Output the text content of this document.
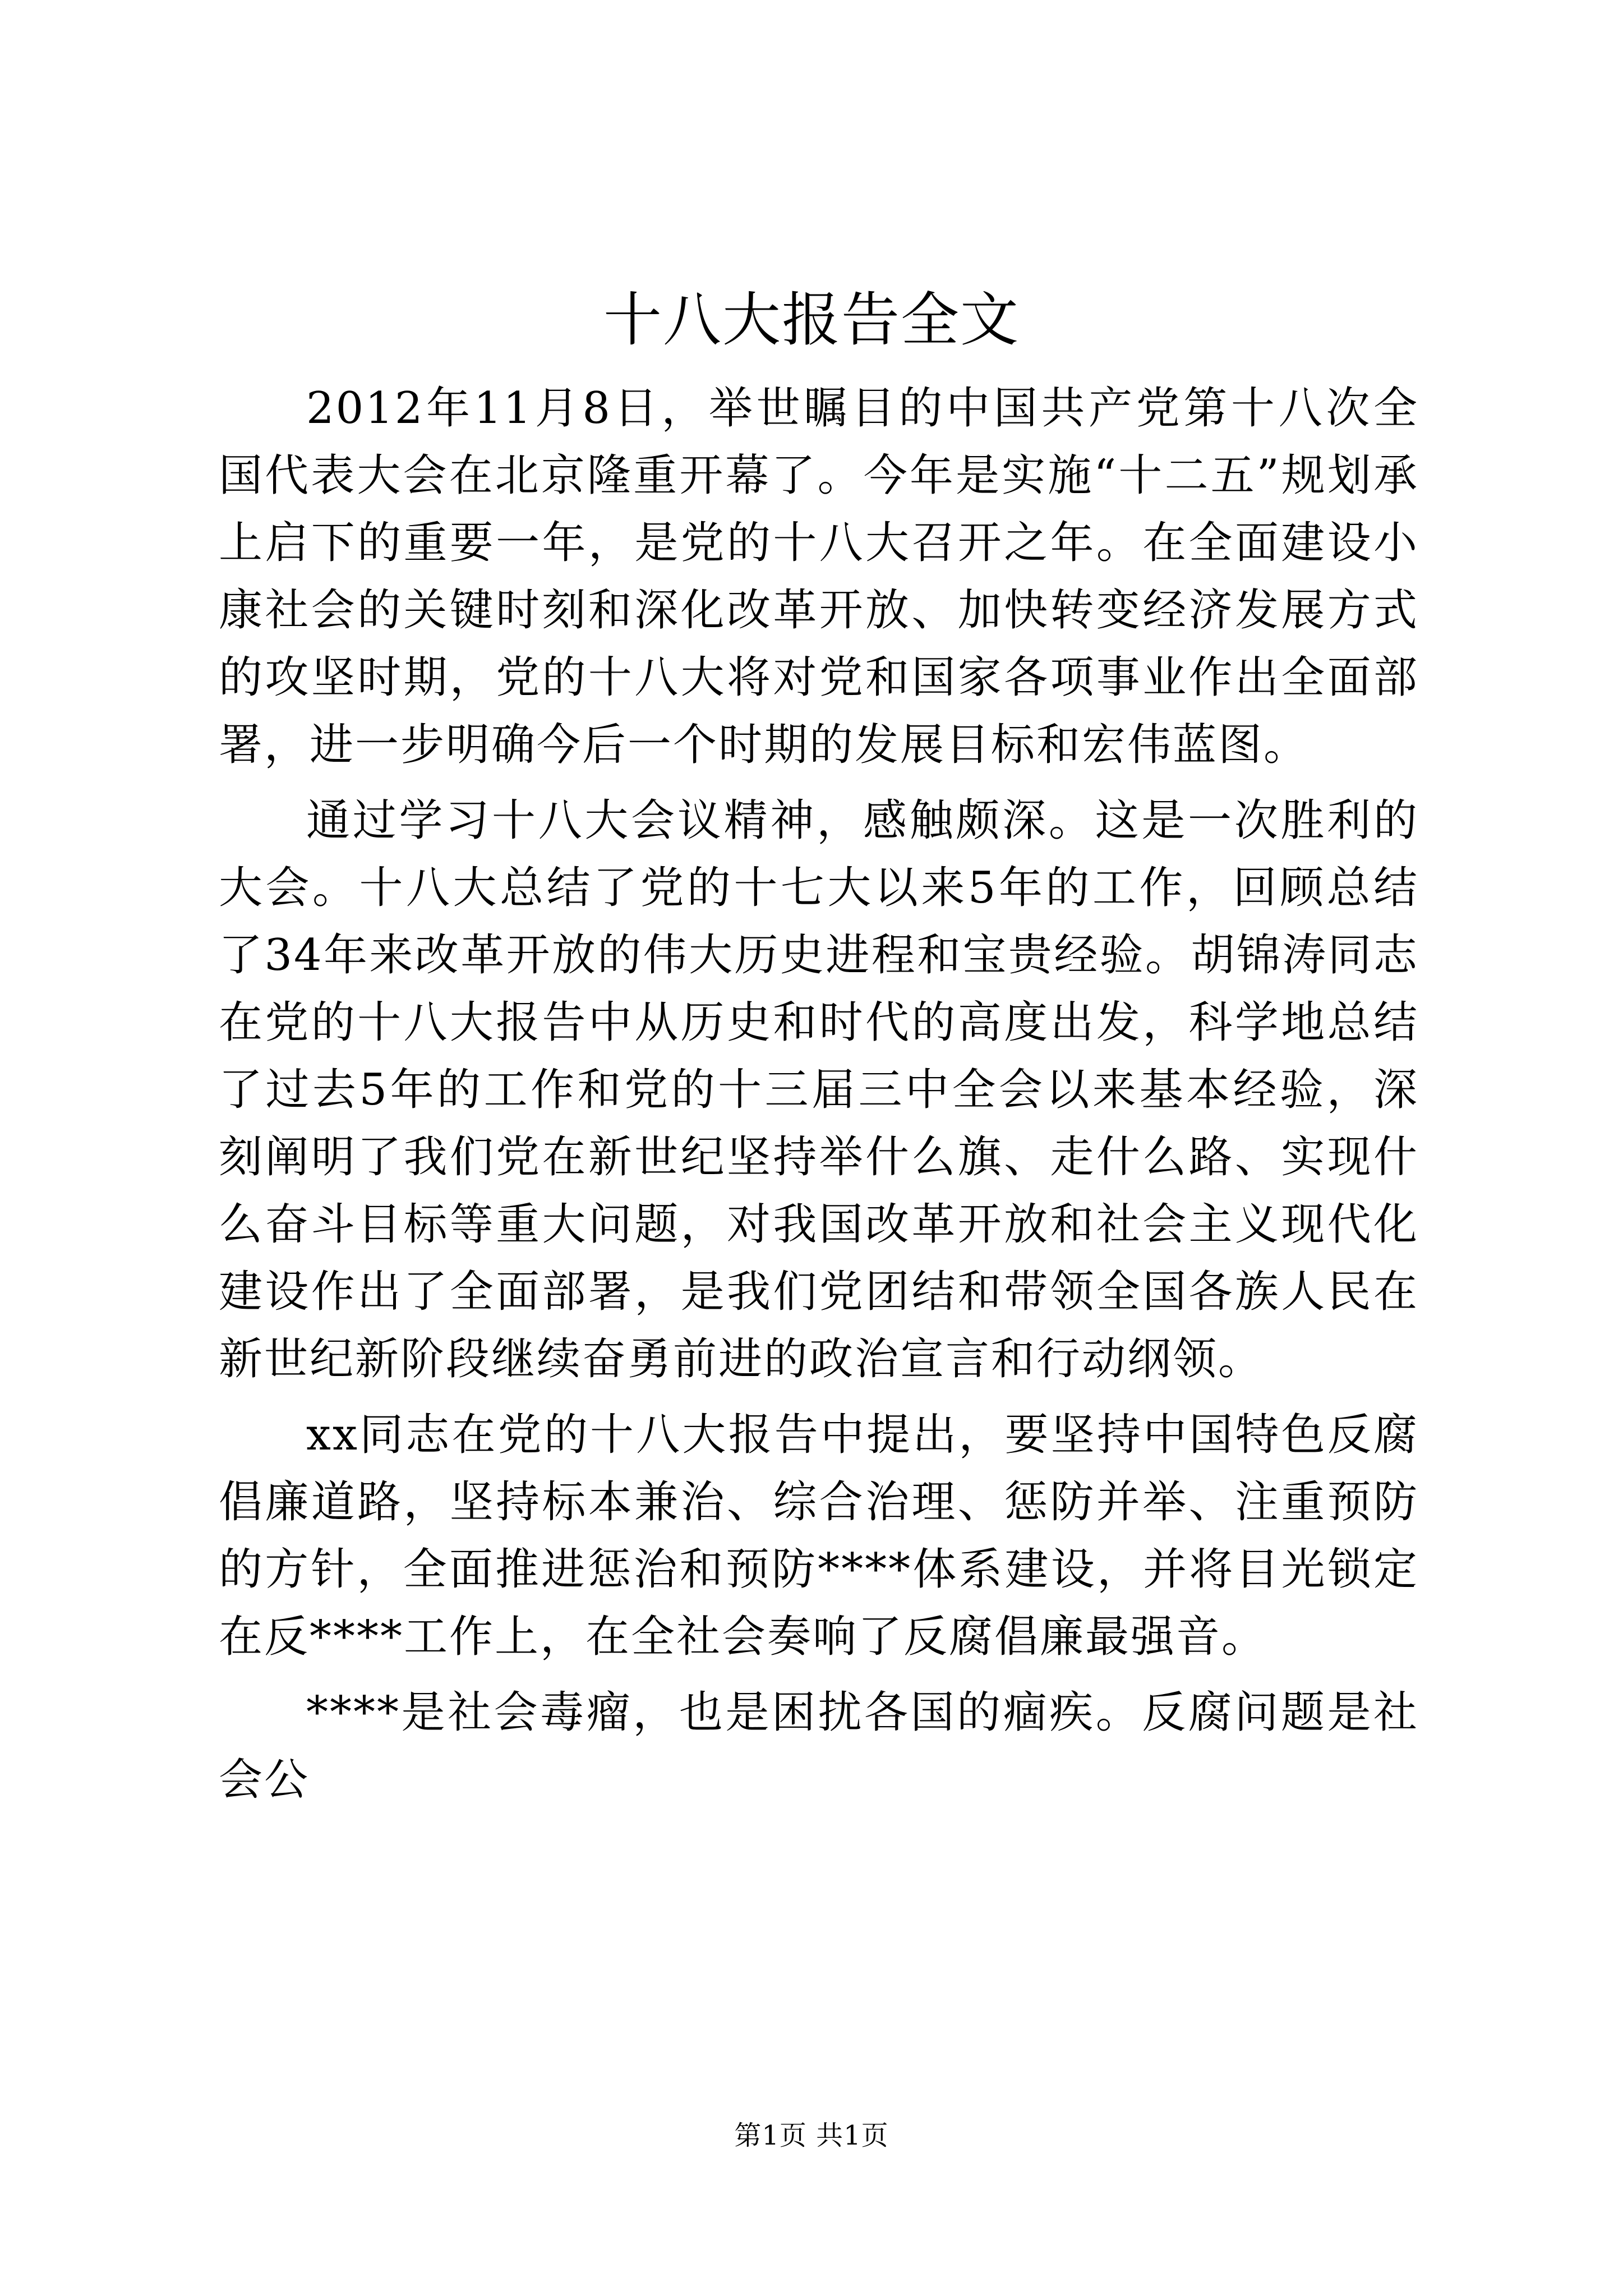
十八大报告全文

2012年11月8日，举世瞩目的中国共产党第十八次全国代表大会在北京隆重开幕了。今年是实施“十二五”规划承上启下的重要一年，是党的十八大召开之年。在全面建设小康社会的关键时刻和深化改革开放、加快转变经济发展方式的攻坚时期，党的十八大将对党和国家各项事业作出全面部署，进一步明确今后一个时期的发展目标和宏伟蓝图。

通过学习十八大会议精神，感触颇深。这是一次胜利的大会。十八大总结了党的十七大以来5年的工作，回顾总结了34年来改革开放的伟大历史进程和宝贵经验。胡锦涛同志在党的十八大报告中从历史和时代的高度出发，科学地总结了过去5年的工作和党的十三届三中全会以来基本经验，深刻阐明了我们党在新世纪坚持举什么旗、走什么路、实现什么奋斗目标等重大问题，对我国改革开放和社会主义现代化建设作出了全面部署，是我们党团结和带领全国各族人民在新世纪新阶段继续奋勇前进的政治宣言和行动纲领。

xx同志在党的十八大报告中提出，要坚持中国特色反腐倡廉道路，坚持标本兼治、综合治理、惩防并举、注重预防的方针，全面推进惩治和预防****体系建设，并将目光锁定在反****工作上，在全社会奏响了反腐倡廉最强音。

****是社会毒瘤，也是困扰各国的痼疾。反腐问题是社会公

第1页 共1页
